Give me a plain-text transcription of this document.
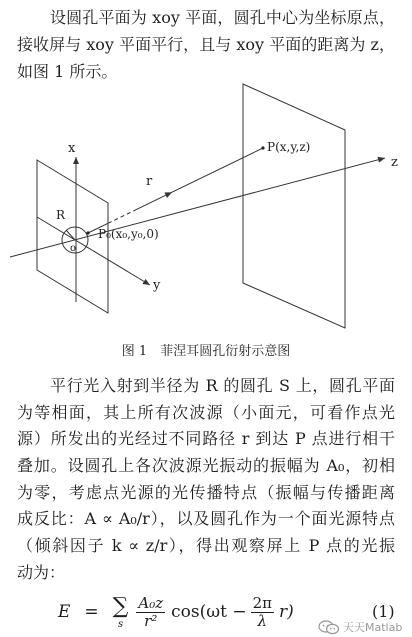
设圆孔平面为 xoy 平面，圆孔中心为坐标原点，
接收屏与 xoy 平面平行，且与 xoy 平面的距离为 z，
如图 1 所示。
x
y
z
r
R
o
P(x,y,z)
P₀(x₀,y₀,0)
图 1　菲涅耳圆孔衍射示意图
平行光入射到半径为 R 的圆孔 S 上，圆孔平面
为等相面，其上所有次波源（小面元，可看作点光
源）所发出的光经过不同路径 r 到达 P 点进行相干
叠加。设圆孔上各次波源光振动的振幅为 A₀，初相
为零，考虑点光源的光传播特点（振幅与传播距离
成反比：A ∝ A₀/r），以及圆孔作为一个面光源特点
（倾斜因子 k ∝ z/r），得出观察屏上 P 点的光振
动为：
E = ∑
s $\frac{\text{A₀z}}{\text{r²}} \cos(\omega t - \frac{2\pi}{\lambda} r)$	(1)
天天Matlab
